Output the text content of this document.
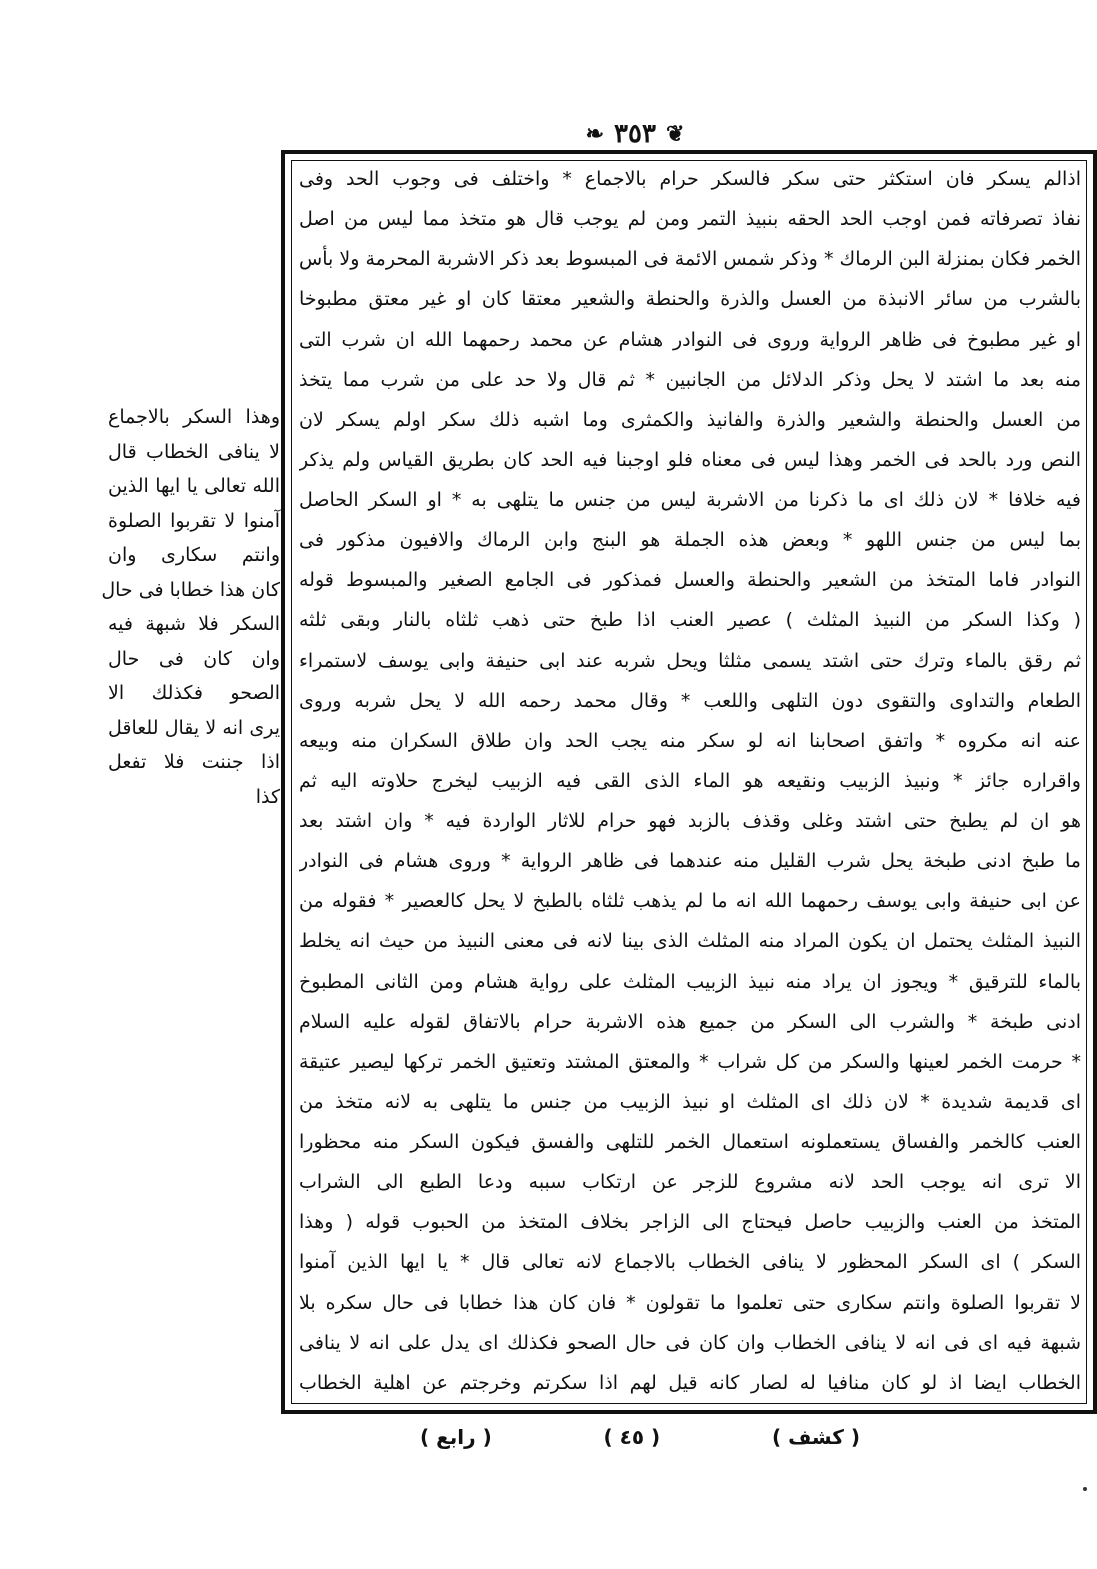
❧ ٣٥٣ ❦
اذالم يسكر فان استكثر حتى سكر فالسكر حرام بالاجماع * واختلف فى وجوب الحد وفى
نفاذ تصرفاته فمن اوجب الحد الحقه بنبيذ التمر ومن لم يوجب قال هو متخذ مما ليس من اصل
الخمر فكان بمنزلة البن الرماك * وذكر شمس الائمة فى المبسوط بعد ذكر الاشربة المحرمة ولا بأس
بالشرب من سائر الانبذة من العسل والذرة والحنطة والشعير معتقا كان او غير معتق مطبوخا
او غير مطبوخ فى ظاهر الرواية وروى فى النوادر هشام عن محمد رحمهما الله ان شرب التى
منه بعد ما اشتد لا يحل وذكر الدلائل من الجانبين * ثم قال ولا حد على من شرب مما يتخذ
من العسل والحنطة والشعير والذرة والفانيذ والكمثرى وما اشبه ذلك سكر اولم يسكر لان
النص ورد بالحد فى الخمر وهذا ليس فى معناه فلو اوجبنا فيه الحد كان بطريق القياس ولم يذكر
فيه خلافا * لان ذلك اى ما ذكرنا من الاشربة ليس من جنس ما يتلهى به * او السكر الحاصل
بما ليس من جنس اللهو * وبعض هذه الجملة هو البنج وابن الرماك والافيون مذكور فى
النوادر فاما المتخذ من الشعير والحنطة والعسل فمذكور فى الجامع الصغير والمبسوط قوله
( وكذا السكر من النبيذ المثلث ) عصير العنب اذا طبخ حتى ذهب ثلثاه بالنار وبقى ثلثه
ثم رقق بالماء وترك حتى اشتد يسمى مثلثا ويحل شربه عند ابى حنيفة وابى يوسف لاستمراء
الطعام والتداوى والتقوى دون التلهى واللعب * وقال محمد رحمه الله لا يحل شربه وروى
عنه انه مكروه * واتفق اصحابنا انه لو سكر منه يجب الحد وان طلاق السكران منه وبيعه
واقراره جائز * ونبيذ الزبيب ونقيعه هو الماء الذى القى فيه الزبيب ليخرج حلاوته اليه ثم
هو ان لم يطبخ حتى اشتد وغلى وقذف بالزبد فهو حرام للاثار الواردة فيه * وان اشتد بعد
ما طبخ ادنى طبخة يحل شرب القليل منه عندهما فى ظاهر الرواية * وروى هشام فى النوادر
عن ابى حنيفة وابى يوسف رحمهما الله انه ما لم يذهب ثلثاه بالطبخ لا يحل كالعصير * فقوله من
النبيذ المثلث يحتمل ان يكون المراد منه المثلث الذى بينا لانه فى معنى النبيذ من حيث انه يخلط
بالماء للترقيق * ويجوز ان يراد منه نبيذ الزبيب المثلث على رواية هشام ومن الثانى المطبوخ
ادنى طبخة * والشرب الى السكر من جميع هذه الاشربة حرام بالاتفاق لقوله عليه السلام
* حرمت الخمر لعينها والسكر من كل شراب * والمعتق المشتد وتعتيق الخمر تركها ليصير عتيقة
اى قديمة شديدة * لان ذلك اى المثلث او نبيذ الزبيب من جنس ما يتلهى به لانه متخذ من
العنب كالخمر والفساق يستعملونه استعمال الخمر للتلهى والفسق فيكون السكر منه محظورا
الا ترى انه يوجب الحد لانه مشروع للزجر عن ارتكاب سببه ودعا الطبع الى الشراب
المتخذ من العنب والزبيب حاصل فيحتاج الى الزاجر بخلاف المتخذ من الحبوب قوله ( وهذا
السكر ) اى السكر المحظور لا ينافى الخطاب بالاجماع لانه تعالى قال * يا ايها الذين آمنوا
لا تقربوا الصلوة وانتم سكارى حتى تعلموا ما تقولون * فان كان هذا خطابا فى حال سكره بلا
شبهة فيه اى فى انه لا ينافى الخطاب وان كان فى حال الصحو فكذلك اى يدل على انه لا ينافى
الخطاب ايضا اذ لو كان منافيا له لصار كانه قيل لهم اذا سكرتم وخرجتم عن اهلية الخطاب
وهذا السكر بالاجماع
لا ينافى الخطاب قال
الله تعالى يا ايها الذين
آمنوا لا تقربوا الصلوة
وانتم سكارى وان
كان هذا خطابا فى حال
السكر فلا شبهة فيه
وان كان فى حال
الصحو فكذلك الا
يرى انه لا يقال للعاقل
اذا جننت فلا تفعل
كذا
( كشف )
( ٤٥ )
( رابع )
